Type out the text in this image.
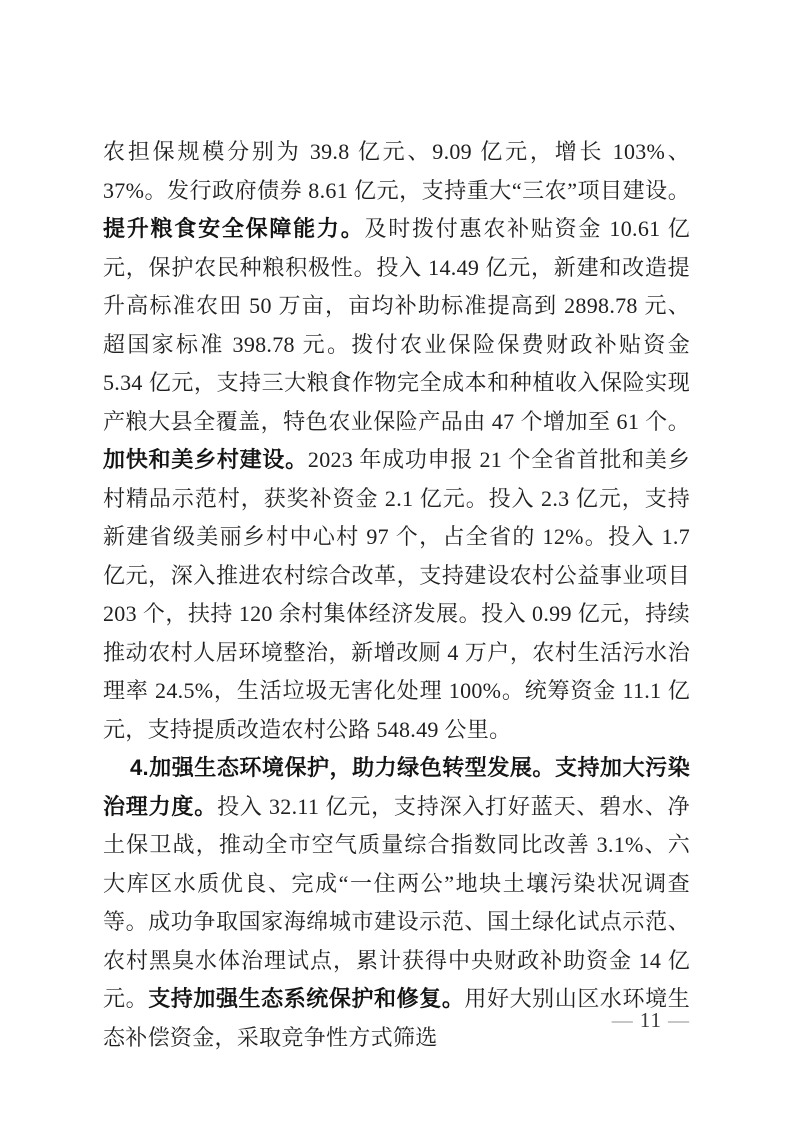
农担保规模分别为 39.8 亿元、9.09 亿元，增长 103%、37%。发行政府债券 8.61 亿元，支持重大“三农”项目建设。提升粮食安全保障能力。及时拨付惠农补贴资金 10.61 亿元，保护农民种粮积极性。投入 14.49 亿元，新建和改造提升高标准农田 50 万亩，亩均补助标准提高到 2898.78 元、超国家标准 398.78 元。拨付农业保险保费财政补贴资金 5.34 亿元，支持三大粮食作物完全成本和种植收入保险实现产粮大县全覆盖，特色农业保险产品由 47 个增加至 61 个。加快和美乡村建设。2023 年成功申报 21 个全省首批和美乡村精品示范村，获奖补资金 2.1 亿元。投入 2.3 亿元，支持新建省级美丽乡村中心村 97 个，占全省的 12%。投入 1.7 亿元，深入推进农村综合改革，支持建设农村公益事业项目 203 个，扶持 120 余村集体经济发展。投入 0.99 亿元，持续推动农村人居环境整治，新增改厕 4 万户，农村生活污水治理率 24.5%，生活垃圾无害化处理 100%。统筹资金 11.1 亿元，支持提质改造农村公路 548.49 公里。

4.加强生态环境保护，助力绿色转型发展。支持加大污染治理力度。投入 32.11 亿元，支持深入打好蓝天、碧水、净土保卫战，推动全市空气质量综合指数同比改善 3.1%、六大库区水质优良、完成“一住两公”地块土壤污染状况调查等。成功争取国家海绵城市建设示范、国土绿化试点示范、农村黑臭水体治理试点，累计获得中央财政补助资金 14 亿元。支持加强生态系统保护和修复。用好大别山区水环境生态补偿资金，采取竞争性方式筛选

— 11 —
